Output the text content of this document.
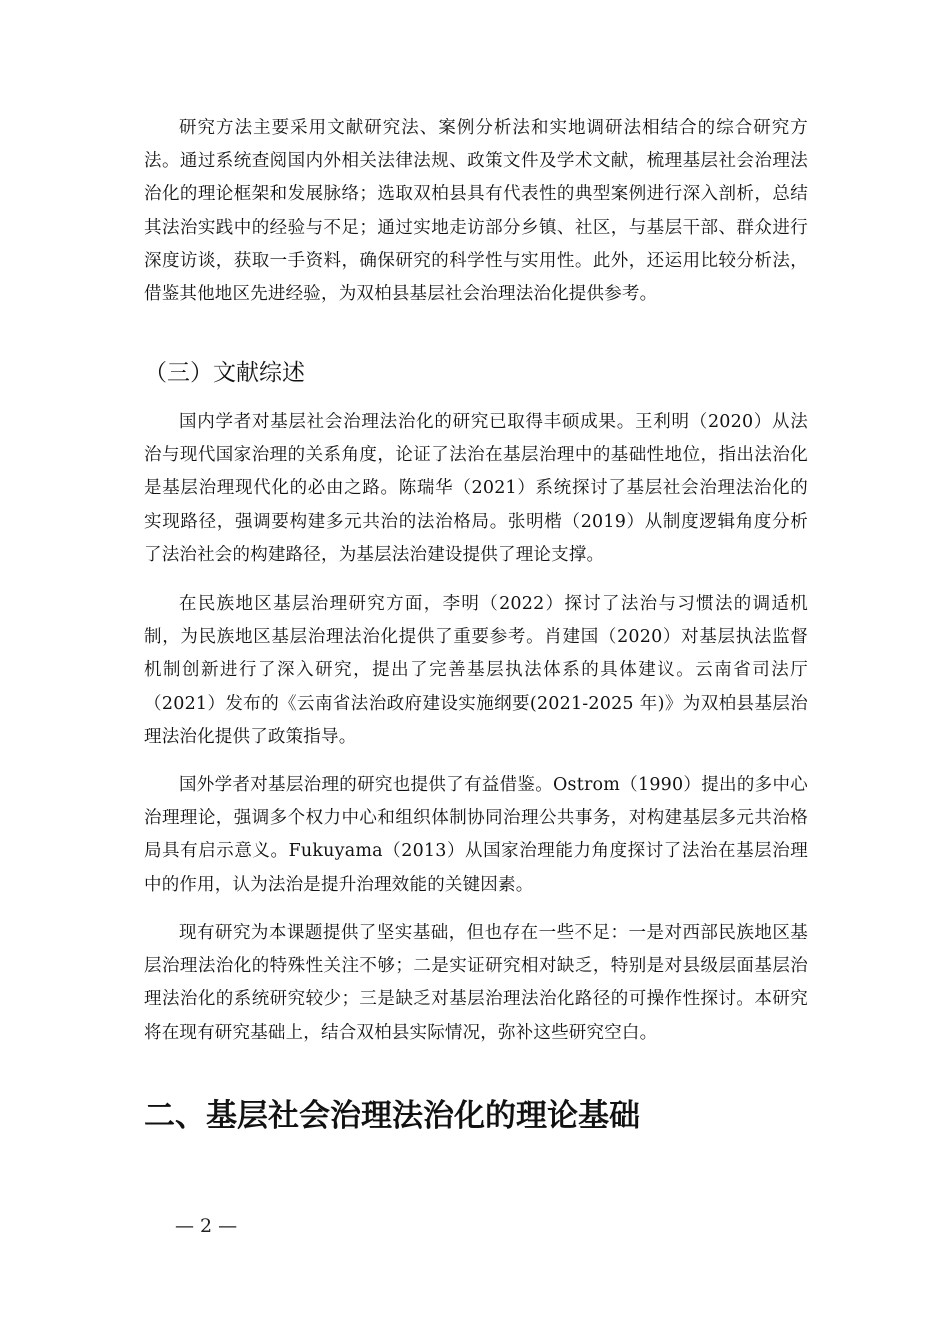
研究方法主要采用文献研究法、案例分析法和实地调研法相结合的综合研究方法。通过系统查阅国内外相关法律法规、政策文件及学术文献，梳理基层社会治理法治化的理论框架和发展脉络；选取双柏县具有代表性的典型案例进行深入剖析，总结其法治实践中的经验与不足；通过实地走访部分乡镇、社区，与基层干部、群众进行深度访谈，获取一手资料，确保研究的科学性与实用性。此外，还运用比较分析法，借鉴其他地区先进经验，为双柏县基层社会治理法治化提供参考。

（三）文献综述

国内学者对基层社会治理法治化的研究已取得丰硕成果。王利明（2020）从法治与现代国家治理的关系角度，论证了法治在基层治理中的基础性地位，指出法治化是基层治理现代化的必由之路。陈瑞华（2021）系统探讨了基层社会治理法治化的实现路径，强调要构建多元共治的法治格局。张明楷（2019）从制度逻辑角度分析了法治社会的构建路径，为基层法治建设提供了理论支撑。

在民族地区基层治理研究方面，李明（2022）探讨了法治与习惯法的调适机制，为民族地区基层治理法治化提供了重要参考。肖建国（2020）对基层执法监督机制创新进行了深入研究，提出了完善基层执法体系的具体建议。云南省司法厅（2021）发布的《云南省法治政府建设实施纲要(2021-2025 年)》为双柏县基层治理法治化提供了政策指导。

国外学者对基层治理的研究也提供了有益借鉴。Ostrom（1990）提出的多中心治理理论，强调多个权力中心和组织体制协同治理公共事务，对构建基层多元共治格局具有启示意义。Fukuyama（2013）从国家治理能力角度探讨了法治在基层治理中的作用，认为法治是提升治理效能的关键因素。

现有研究为本课题提供了坚实基础，但也存在一些不足：一是对西部民族地区基层治理法治化的特殊性关注不够；二是实证研究相对缺乏，特别是对县级层面基层治理法治化的系统研究较少；三是缺乏对基层治理法治化路径的可操作性探讨。本研究将在现有研究基础上，结合双柏县实际情况，弥补这些研究空白。

二、基层社会治理法治化的理论基础
— 2 —
